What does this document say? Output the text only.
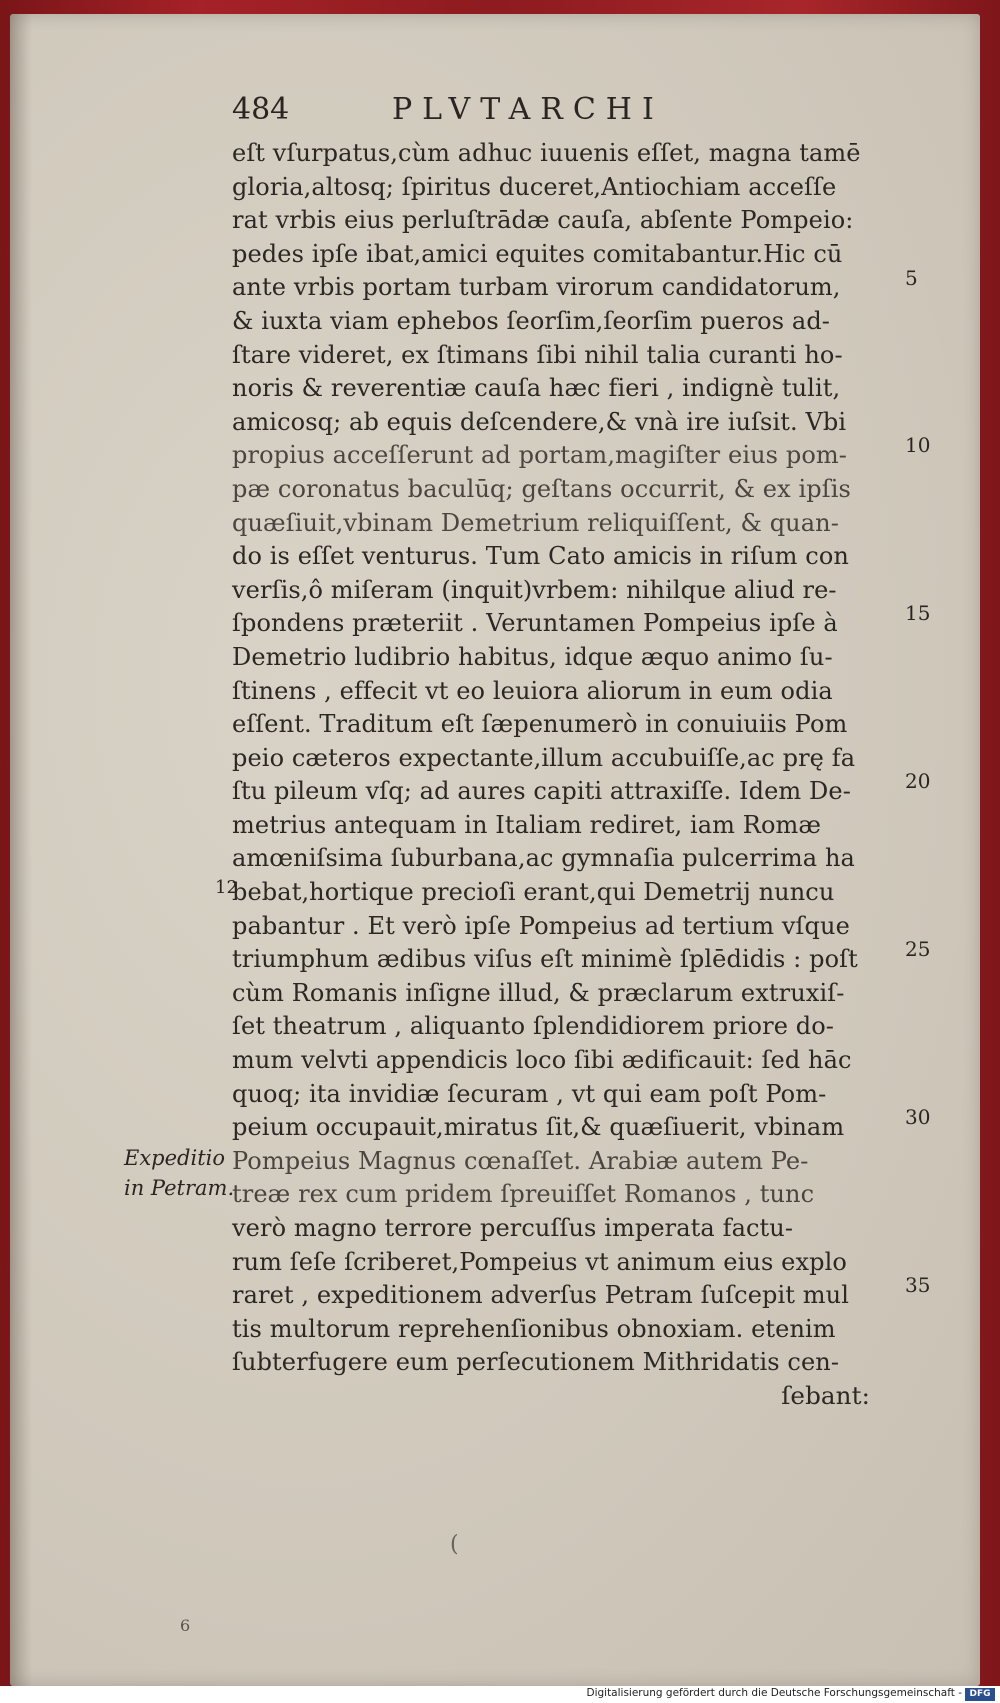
484	PLVTARCHI
eſt vſurpatus,cùm adhuc iuuenis eſſet, magna tamē
gloria,altosq; ſpiritus duceret,Antiochiam acceſſe
rat vrbis eius perluſtrādæ cauſa, abſente Pompeio:
pedes ipſe ibat,amici equites comitabantur.Hic cū
ante vrbis portam turbam virorum candidatorum,
& iuxta viam ephebos ſeorſim,ſeorſim pueros ad-
ſtare videret, ex ſtimans ſibi nihil talia curanti ho-
noris & reverentiæ cauſa hæc fieri , indignè tulit,
amicosq; ab equis deſcendere,& vnà ire iuſsit. Vbi
propius acceſſerunt ad portam,magiſter eius pom-
pæ coronatus baculūq; geſtans occurrit, & ex ipſis
quæſiuit,vbinam Demetrium reliquiſſent, & quan-
do is eſſet venturus. Tum Cato amicis in riſum con
verſis,ô miſeram (inquit)vrbem: nihilque aliud re-
ſpondens præteriit . Veruntamen Pompeius ipſe à
Demetrio ludibrio habitus, idque æquo animo ſu-
ſtinens , effecit vt eo leuiora aliorum in eum odia
eſſent. Traditum eſt ſæpenumerò in conuiuiis Pom
peio cæteros expectante,illum accubuiſſe,ac prę fa
ſtu pileum vſq; ad aures capiti attraxiſſe. Idem De-
metrius antequam in Italiam rediret, iam Romæ
amœniſsima ſuburbana,ac gymnaſia pulcerrima ha
bebat,hortique precioſi erant,qui Demetrij nuncu
pabantur . Et verò ipſe Pompeius ad tertium vſque
triumphum ædibus viſus eſt minimè ſplēdidis : poſt
cùm Romanis inſigne illud, & præclarum extruxiſ-
ſet theatrum , aliquanto ſplendidiorem priore do-
mum velvti appendicis loco ſibi ædificauit: ſed hāc
quoq; ita invidiæ ſecuram , vt qui eam poſt Pom-
peium occupauit,miratus ſit,& quæſiuerit, vbinam
Pompeius Magnus cœnaſſet. Arabiæ autem Pe-
treæ rex cum pridem ſpreuiſſet Romanos , tunc
verò magno terrore percuſſus imperata factu-
rum ſeſe ſcriberet,Pompeius vt animum eius explo
raret , expeditionem adverſus Petram ſuſcepit mul
tis multorum reprehenſionibus obnoxiam. etenim
ſubterfugere eum perſecutionem Mithridatis cen-
ſebant:
5
10
15
20
25
30
35
12
Expeditio
in Petram.
(
6
Digitalisierung gefördert durch die Deutsche Forschungsgemeinschaft - DFG
